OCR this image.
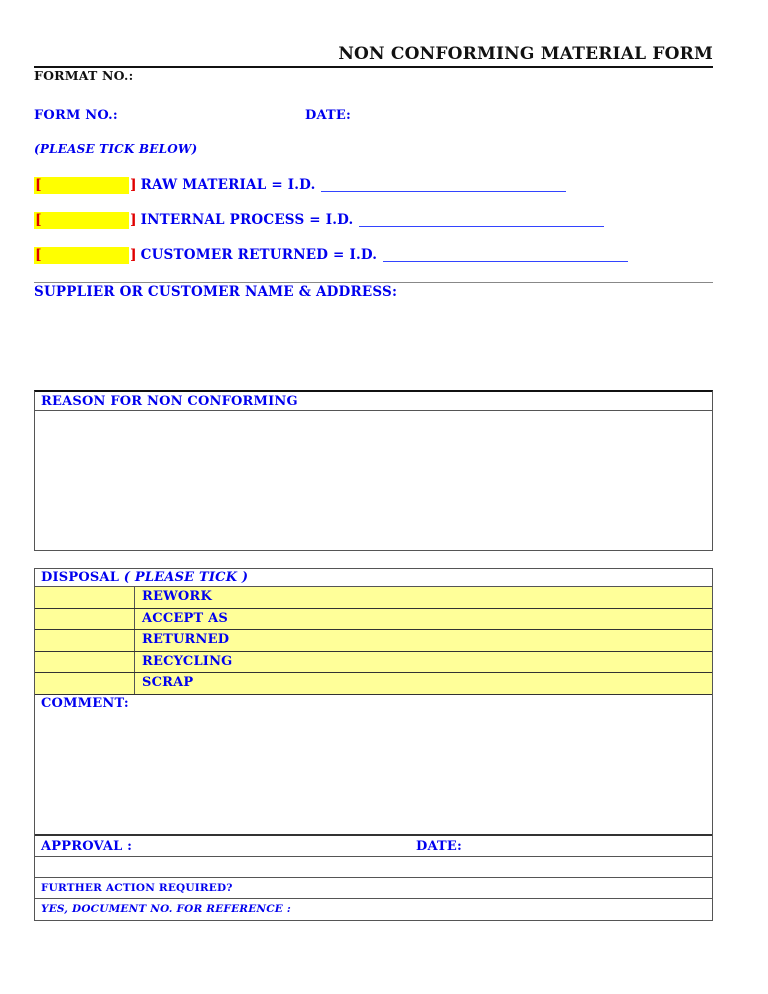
NON CONFORMING MATERIAL FORM
FORMAT NO.:
FORM NO.:	DATE:
(PLEASE TICK BELOW)
[	] RAW MATERIAL = I.D.
[	] INTERNAL PROCESS = I.D.
[	] CUSTOMER RETURNED = I.D.
SUPPLIER OR CUSTOMER NAME & ADDRESS:
REASON FOR NON CONFORMING
DISPOSAL ( PLEASE TICK )
REWORK
ACCEPT AS
RETURNED
RECYCLING
SCRAP
COMMENT:
APPROVAL :	DATE:
FURTHER ACTION REQUIRED?
YES, DOCUMENT NO. FOR REFERENCE :
